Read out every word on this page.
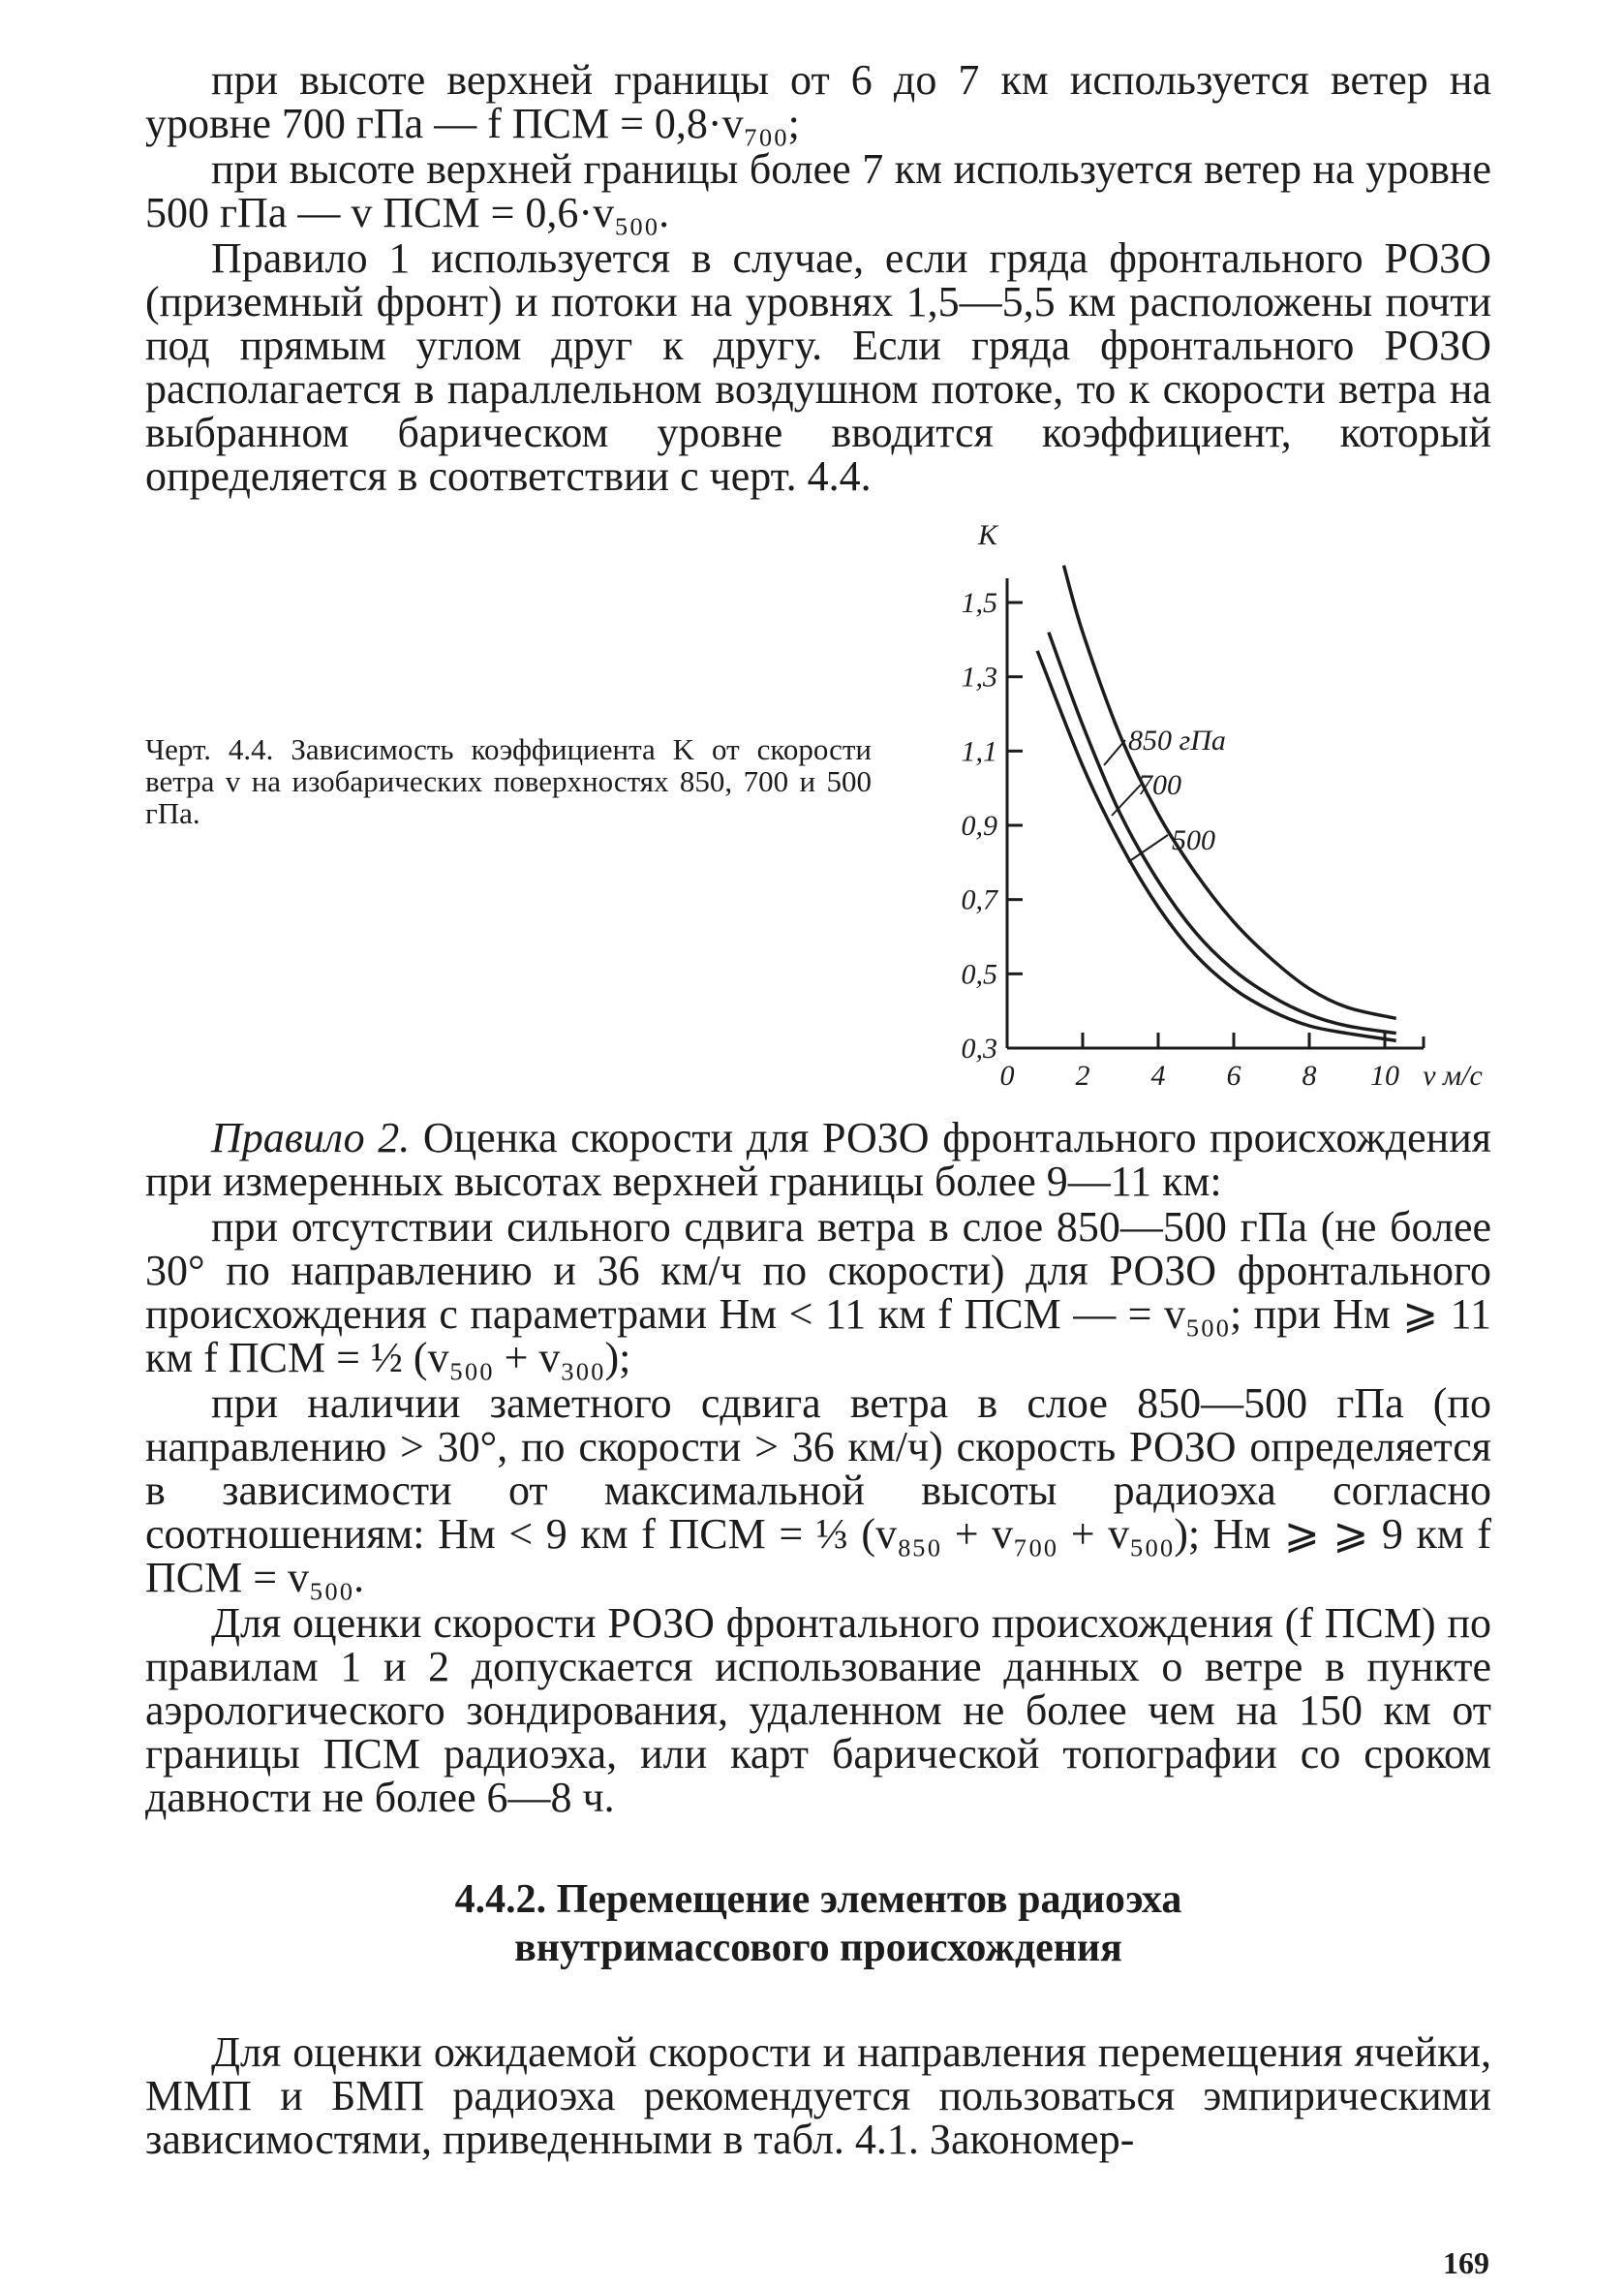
при высоте верхней границы от 6 до 7 км используется ветер на уровне 700 гПа — f ПСМ = 0,8·v₇₀₀;

при высоте верхней границы более 7 км используется ветер на уровне 500 гПа — v ПСМ = 0,6·v₅₀₀.

Правило 1 используется в случае, если гряда фронтального РОЗО (приземный фронт) и потоки на уровнях 1,5—5,5 км расположены почти под прямым углом друг к другу. Если гряда фронтального РОЗО располагается в параллельном воздушном потоке, то к скорости ветра на выбранном барическом уровне вводится коэффициент, который определяется в соответствии с черт. 4.4.

Черт. 4.4. Зависимость коэффициента K от скорости ветра v на изобарических поверхностях 850, 700 и 500 гПа.

0,3
0,5
0,7
0,9
1,1
1,3
1,5
0 2 4 6 8 10
K
v м/с
850 гПа
700
500

Правило 2. Оценка скорости для РОЗО фронтального происхождения при измеренных высотах верхней границы более 9—11 км:

при отсутствии сильного сдвига ветра в слое 850—500 гПа (не более 30° по направлению и 36 км/ч по скорости) для РОЗО фронтального происхождения с параметрами Hм < 11 км f ПСМ — = v₅₀₀; при Hм ⩾ 11 км f ПСМ = ½ (v₅₀₀ + v₃₀₀);

при наличии заметного сдвига ветра в слое 850—500 гПа (по направлению > 30°, по скорости > 36 км/ч) скорость РОЗО определяется в зависимости от максимальной высоты радиоэха согласно соотношениям: Hм < 9 км f ПСМ = ⅓ (v₈₅₀ + v₇₀₀ + v₅₀₀); Hм ⩾ ⩾ 9 км f ПСМ = v₅₀₀.

Для оценки скорости РОЗО фронтального происхождения (f ПСМ) по правилам 1 и 2 допускается использование данных о ветре в пункте аэрологического зондирования, удаленном не более чем на 150 км от границы ПСМ радиоэха, или карт барической топографии со сроком давности не более 6—8 ч.

4.4.2. Перемещение элементов радиоэха
внутримассового происхождения

Для оценки ожидаемой скорости и направления перемещения ячейки, ММП и БМП радиоэха рекомендуется пользоваться эмпирическими зависимостями, приведенными в табл. 4.1. Закономер-

169
